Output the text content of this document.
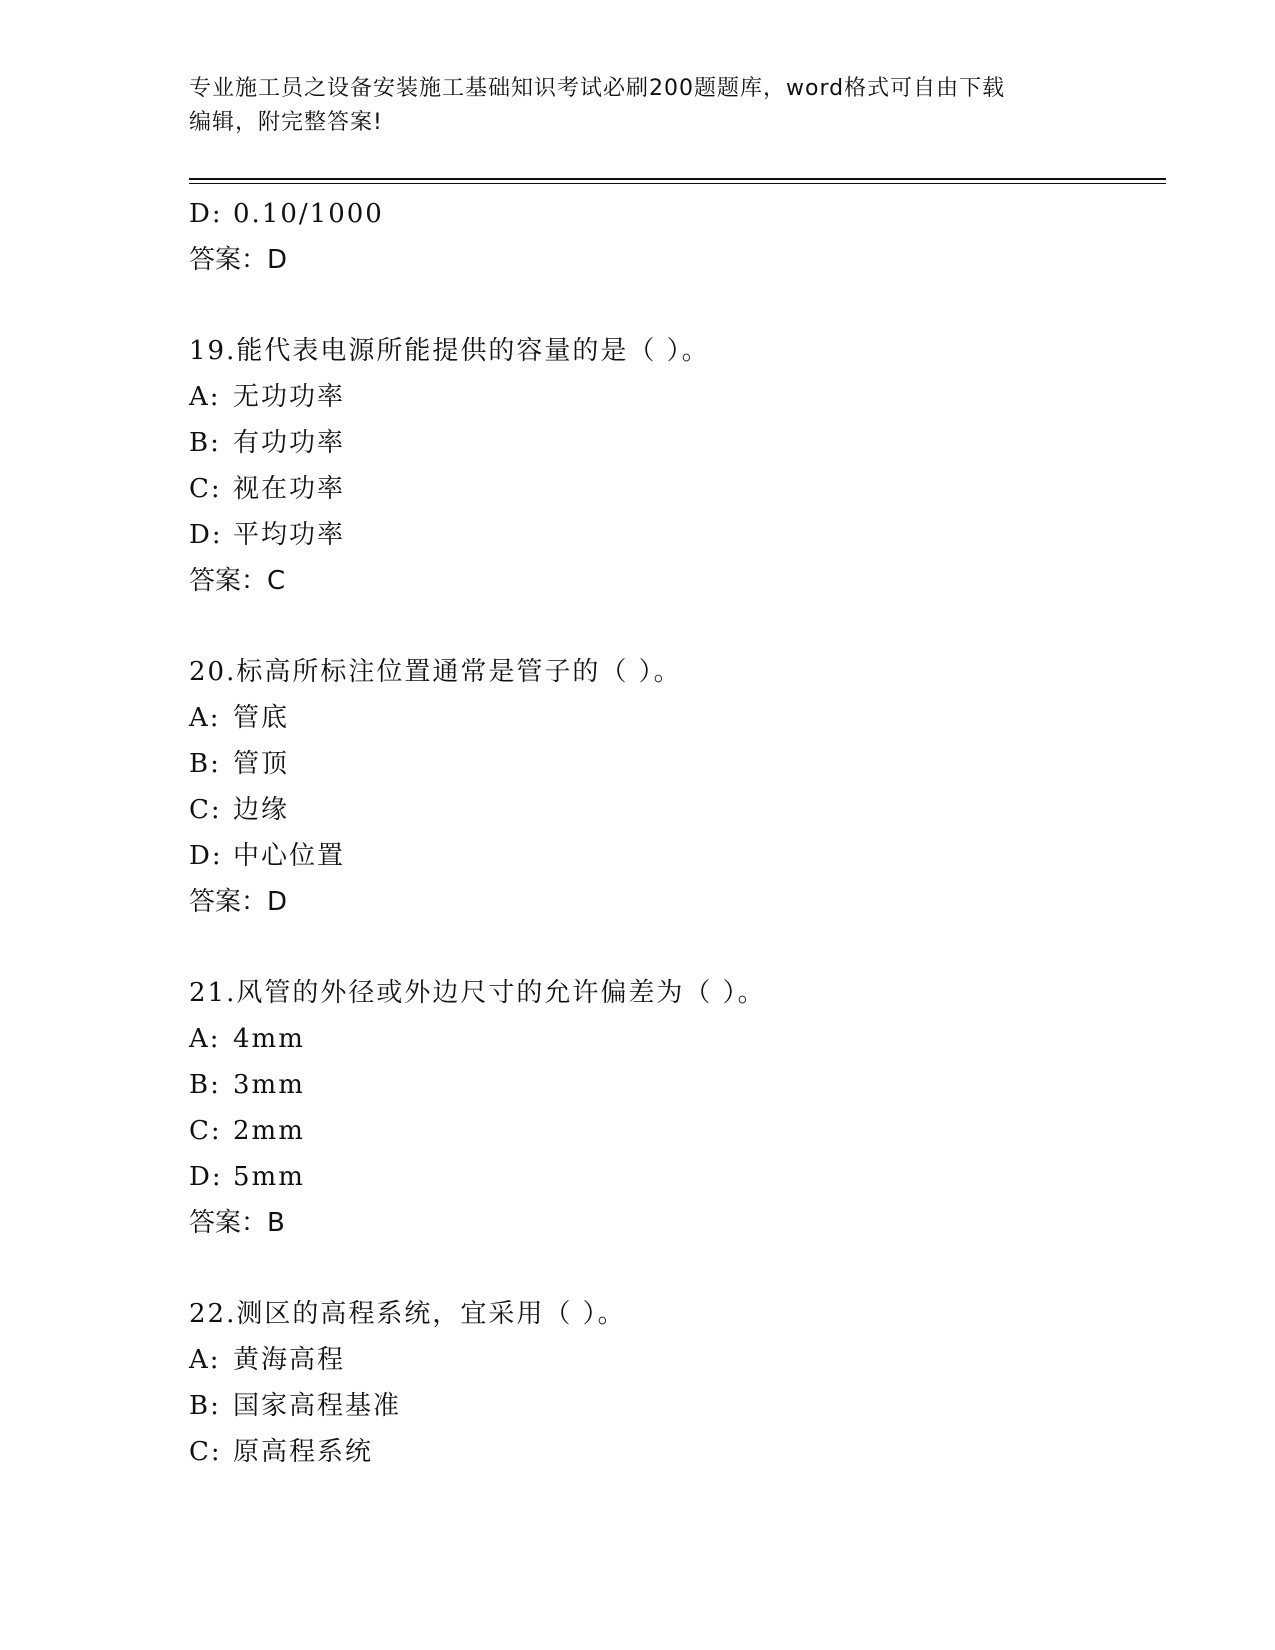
专业施工员之设备安装施工基础知识考试必刷200题题库，word格式可自由下载
编辑，附完整答案!
D: 0.10/1000
答案：D
19.能代表电源所能提供的容量的是（ ）。
A: 无功功率
B: 有功功率
C: 视在功率
D: 平均功率
答案：C
20.标高所标注位置通常是管子的（ ）。
A: 管底
B: 管顶
C: 边缘
D: 中心位置
答案：D
21.风管的外径或外边尺寸的允许偏差为（ ）。
A: 4mm
B: 3mm
C: 2mm
D: 5mm
答案：B
22.测区的高程系统，宜采用（ ）。
A: 黄海高程
B: 国家高程基准
C: 原高程系统
